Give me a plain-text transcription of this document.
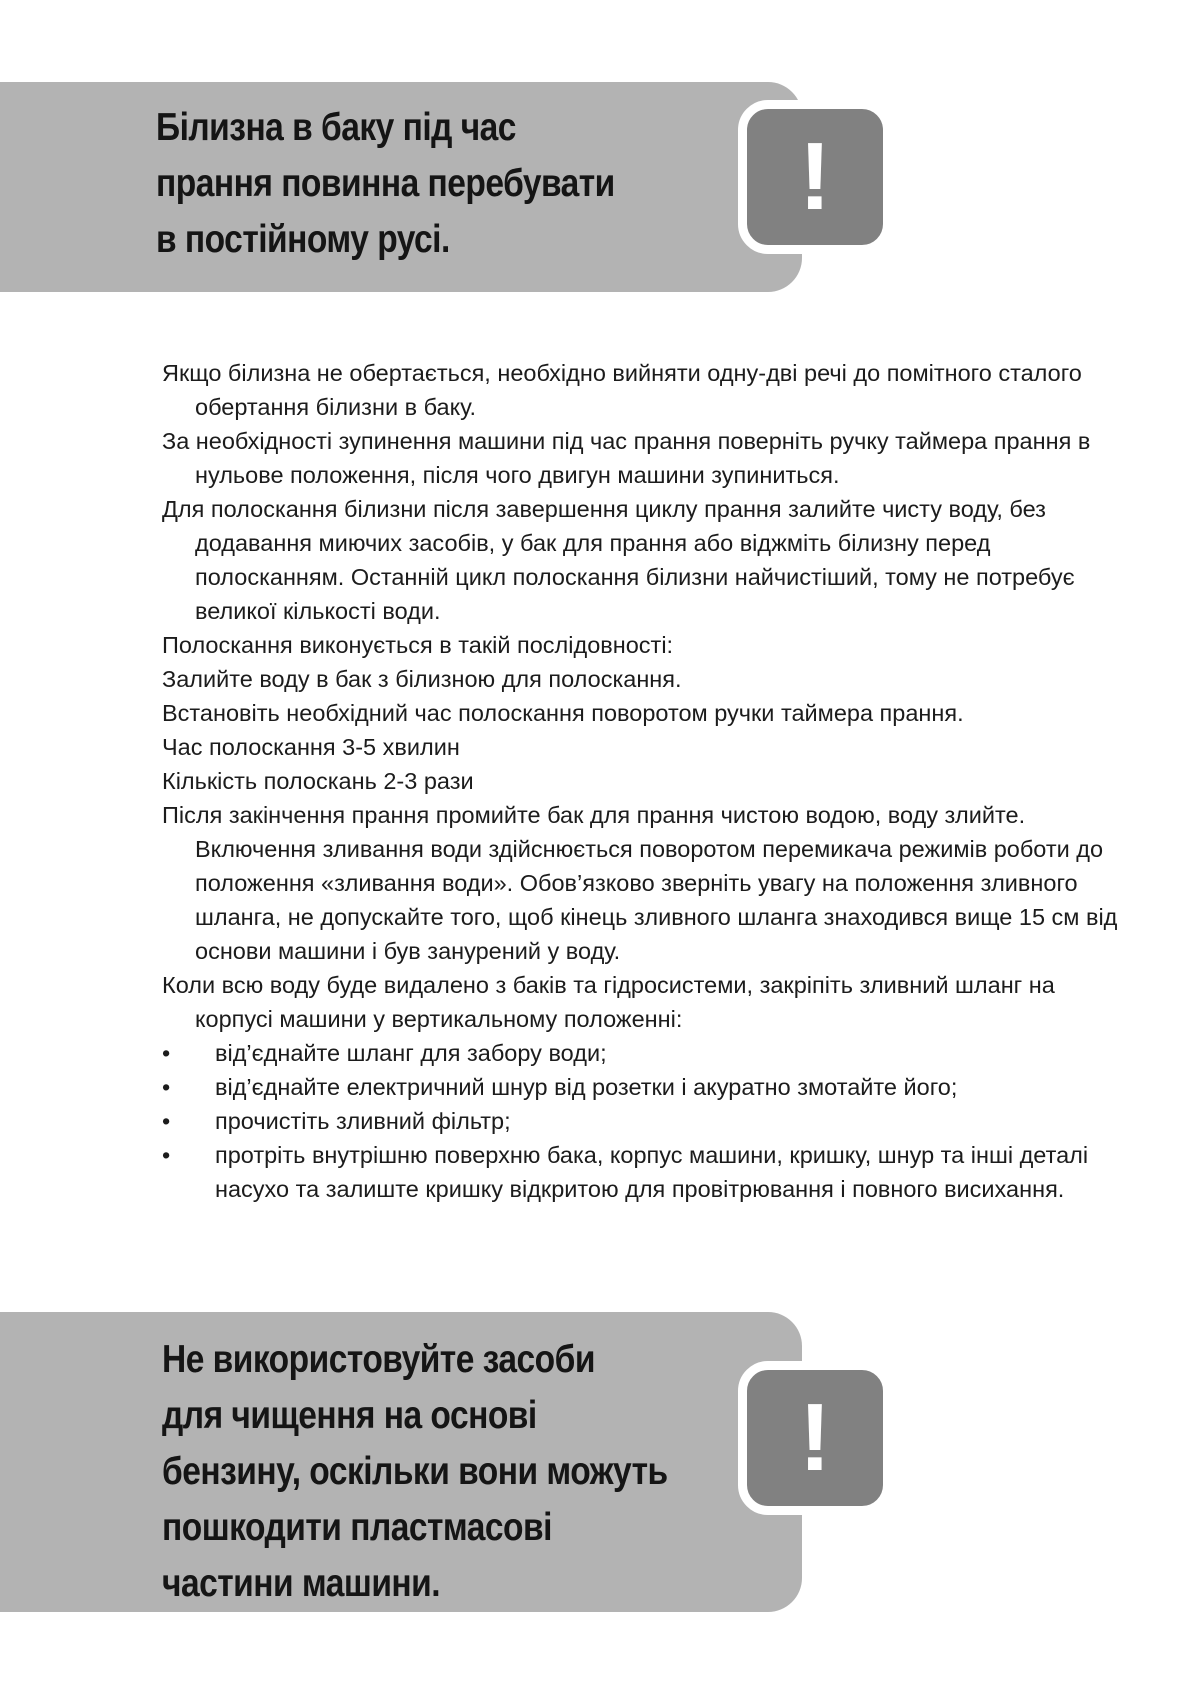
Білизна в баку під час
прання повинна перебувати
в постійному русі.
!

Якщо білизна не обертається, необхідно вийняти одну-дві речі до помітного сталого обертання білизни в баку.

За необхідності зупинення машини під час прання поверніть ручку таймера прання в нульове положення, після чого двигун машини зупиниться.

Для полоскання білизни після завершення циклу прання залийте чисту воду, без додавання миючих засобів, у бак для прання або віджміть білизну перед полосканням. Останній цикл полоскання білизни найчистіший, тому не потребує великої кількості води.

Полоскання виконується в такій послідовності:

Залийте воду в бак з білизною для полоскання.

Встановіть необхідний час полоскання поворотом ручки таймера прання.

Час полоскання 3-5 хвилин

Кількість полоскань 2-3 рази

Після закінчення прання промийте бак для прання чистою водою, воду злийте. Включення зливання води здійснюється поворотом перемикача режимів роботи до положення «зливання води». Обов’язково зверніть увагу на положення зливного шланга, не допускайте того, щоб кінець зливного шланга знаходився вище 15 см від основи машини і був занурений у воду.

Коли всю воду буде видалено з баків та гідросистеми, закріпіть зливний шланг на корпусі машини у вертикальному положенні:

• від’єднайте шланг для забору води;
• від’єднайте електричний шнур від розетки і акуратно змотайте його;
• прочистіть зливний фільтр;
• протріть внутрішню поверхню бака, корпус машини, кришку, шнур та інші деталі насухо та залиште кришку відкритою для провітрювання і повного висихання.
Не використовуйте засоби
для чищення на основі
бензину, оскільки вони можуть
пошкодити пластмасові
частини машини.
!
